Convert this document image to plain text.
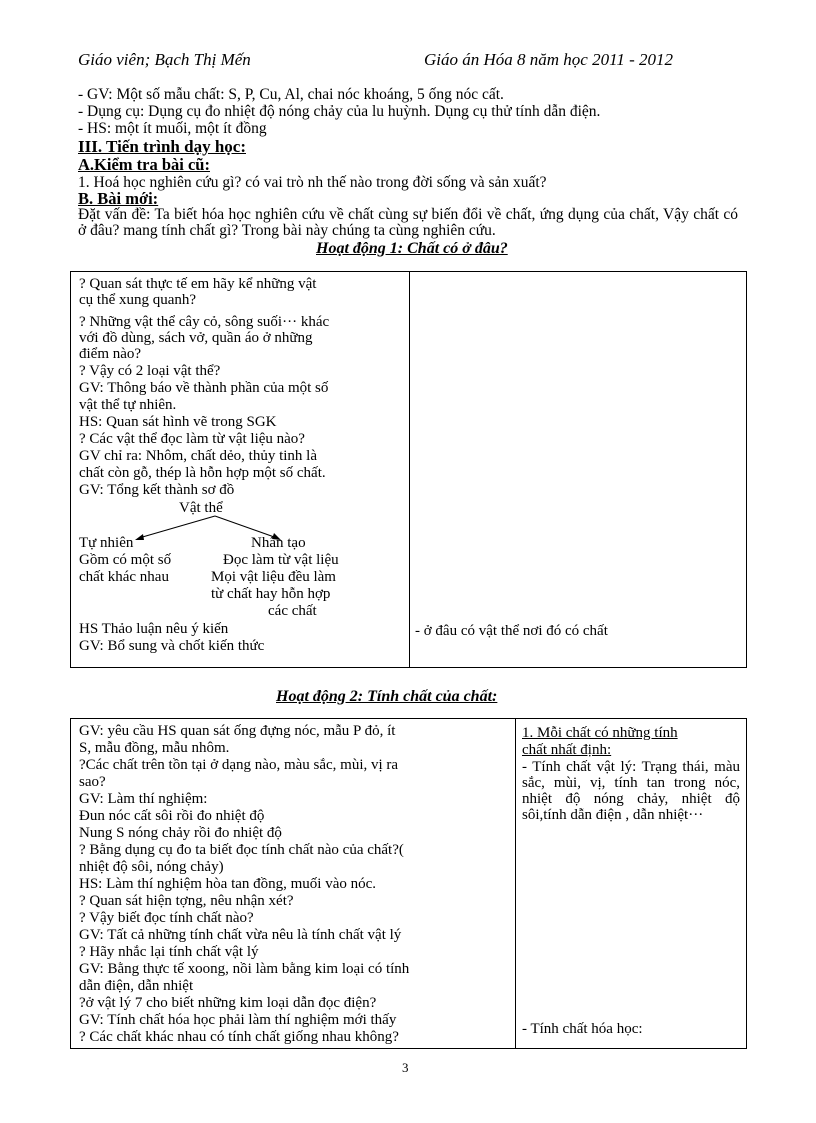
Giáo viên; Bạch Thị Mến	Giáo án Hóa 8 năm học 2011 - 2012
- GV: Một số mẫu chất: S, P, Cu, Al, chai nóc khoáng, 5 ống nóc cất.
- Dụng cụ: Dụng cụ đo nhiệt độ nóng chảy của lu huỳnh. Dụng cụ thử tính dẫn điện.
- HS: một ít muối, một ít đồng
III. Tiến trình dạy học:
A.Kiểm tra bài cũ:
1. Hoá học nghiên cứu gì? có vai trò nh thế nào trong đời sống và sản xuất?
B. Bài mới:
Đặt vấn đề: Ta biết hóa học nghiên cứu về chất cùng sự biến đổi về chất, ứng dụng của chất, Vậy chất có ở đâu? mang tính chất gì? Trong bài này chúng ta cùng nghiên cứu.
Hoạt động 1: Chất có ở đâu?
? Quan sát thực tế em hãy kể những vật
cụ thể xung quanh?
? Những vật thể cây cỏ, sông suối··· khác
với đồ dùng, sách vở, quần áo ở những
điểm nào?
? Vậy có 2 loại vật thể?
GV: Thông báo về thành phần của một số
vật thể tự nhiên.
HS: Quan sát hình vẽ trong SGK
? Các vật thể đọc làm từ vật liệu nào?
GV chỉ ra: Nhôm, chất dẻo, thủy tinh là
chất còn gỗ, thép là hỗn hợp một số chất.
GV: Tổng kết thành sơ đồ
Vật thể
Tự nhiên	Nhân tạo
Gồm có một số	Đọc làm từ vật liệu
chất khác nhau	Mọi vật liệu đều làm
từ chất hay hỗn hợp
các chất
HS Thảo luận nêu ý kiến
GV: Bổ sung và chốt kiến thức
- ở đâu có vật thể nơi đó có chất
Hoạt động 2: Tính chất của chất:
GV: yêu cầu HS quan sát ống đựng nóc, mẫu P đỏ, ít
S, mẫu đồng, mẫu nhôm.
?Các chất trên tồn tại ở dạng nào, màu sắc, mùi, vị ra
sao?
GV: Làm thí nghiệm:
Đun nóc cất sôi rồi đo nhiệt độ
Nung S nóng chảy rồi đo nhiệt độ
? Bằng dụng cụ đo ta biết đọc tính chất nào của chất?(
nhiệt độ sôi, nóng chảy)
HS: Làm thí nghiệm hòa tan đồng, muối vào nóc.
? Quan sát hiện tợng, nêu nhận xét?
? Vậy biết đọc tính chất nào?
GV: Tất cả những tính chất vừa nêu là tính chất vật lý
? Hãy nhắc lại tính chất vật lý
GV: Bằng thực tế xoong, nồi làm bằng kim loại có tính
dẫn điện, dẫn nhiệt
?ở vật lý 7 cho biết những kim loại dẫn đọc điện?
GV: Tính chất hóa học phải làm thí nghiệm mới thấy
? Các chất khác nhau có tính chất giống nhau không?
1. Mỗi chất có những tính
chất nhất định:
- Tính chất vật lý: Trạng thái, màu sắc, mùi, vị, tính tan trong nóc, nhiệt độ nóng chảy, nhiệt độ sôi,tính dẫn điện , dẫn nhiệt···
- Tính chất hóa học:
3
